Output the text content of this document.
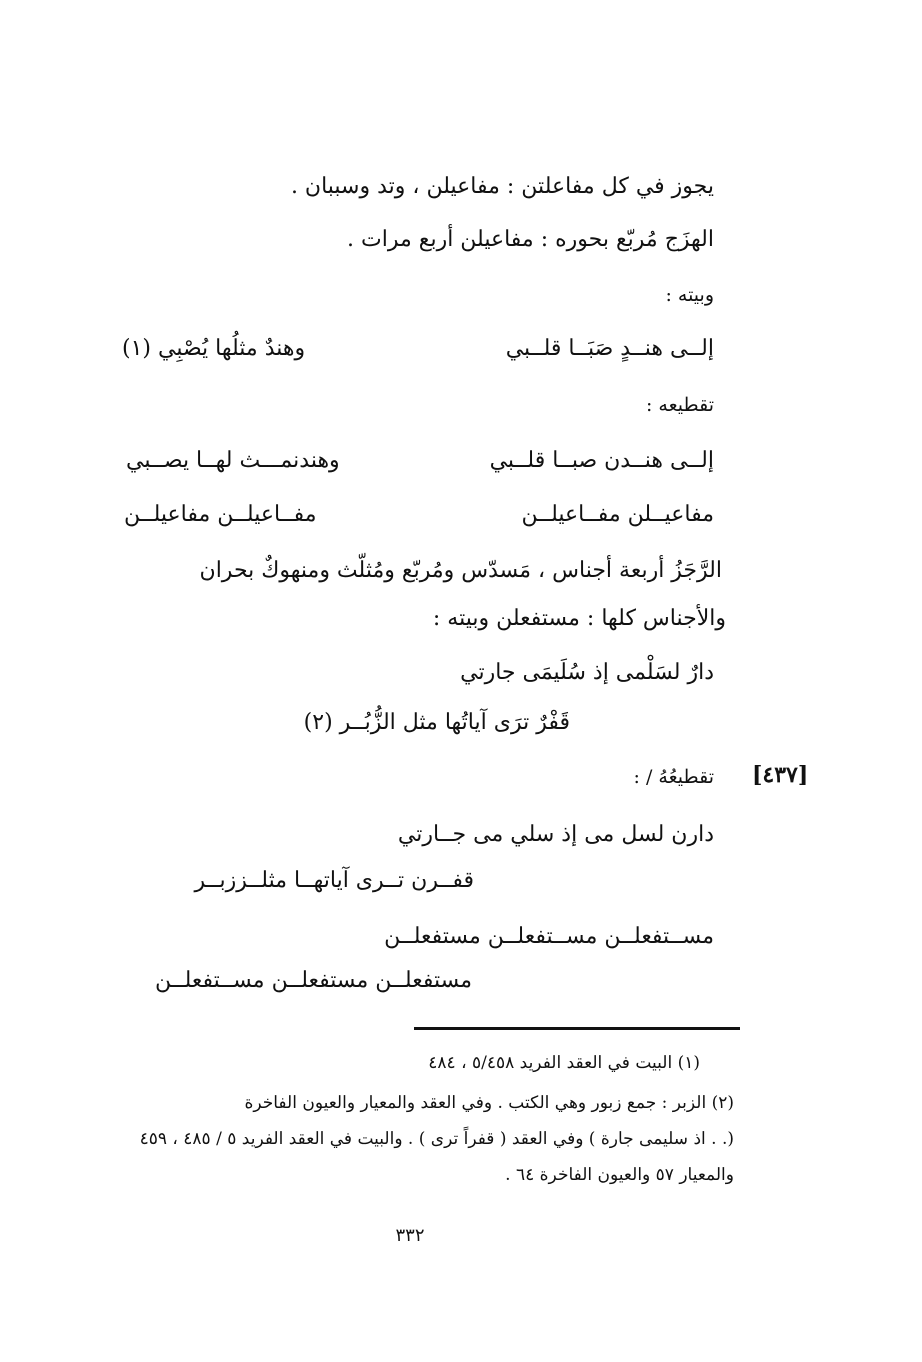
يجوز في كل مفاعلتن : مفاعيلن ، وتد وسببان .
الهزَج مُربّع بحوره : مفاعيلن أربع مرات .
وبيته :
إلــى هنــدٍ صَبَــا قلــبي
وهندٌ مثلُها يُصْبِي (١)
تقطيعه :
إلــى هنــدن صبــا قلــبي
وهندنمـــث لهــا يصــبي
مفاعيــلن مفــاعيلــن
مفــاعيلــن مفاعيلــن
الرَّجَزُ أربعة أجناس ، مَسدّس ومُربّع ومُثلّث ومنهوكٌ بحران
والأجناس كلها : مستفعلن وبيته :
دارٌ لسَلْمى إذ سُلَيمَى جارتي
قَفْرٌ ترَى آياتُها مثل الزُّبُــر (٢)
تقطيعُهُ / : [٤٣٧]
دارن لسل مى إذ سلي مى جــارتي
قفــرن تــرى آياتهــا مثلــززبــر
مســتفعلــن مســتفعلــن مستفعلــن
مستفعلــن مستفعلــن مســتفعلــن
(١) البيت في العقد الفريد ٥/٤٥٨ ، ٤٨٤
(٢) الزبر : جمع زبور وهي الكتب . وفي العقد والمعيار والعيون الفاخرة
(. . اذ سليمى جارة ) وفي العقد ( قفراً ترى ) . والبيت في العقد الفريد ٥ / ٤٨٥ ، ٤٥٩
والمعيار ٥٧ والعيون الفاخرة ٦٤ .
٣٣٢
